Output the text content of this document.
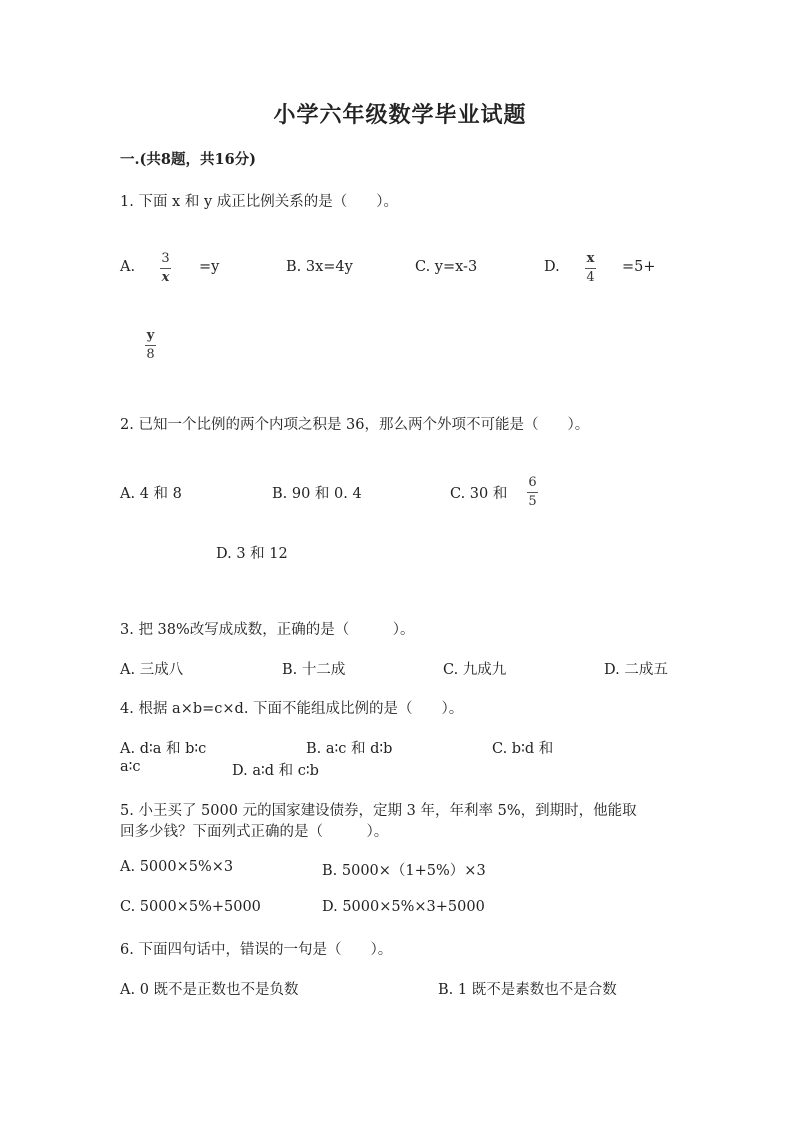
小学六年级数学毕业试题
一.(共8题，共16分)
1. 下面 x 和 y 成正比例关系的是（　　）。
A.
3
x
=y	B. 3x=4y	C. y=x-3	D.
x
4
=5+
y
8
2. 已知一个比例的两个内项之积是 36，那么两个外项不可能是（　　）。
A. 4 和 8	B. 90 和 0. 4	C. 30 和
6
5
D. 3 和 12
3. 把 38%改写成成数，正确的是（　　　）。
A. 三成八	B. 十二成	C. 九成九	D. 二成五
4. 根据 a×b=c×d. 下面不能组成比例的是（　　）。
A. d∶a 和 b∶c	B. a∶c 和 d∶b	C. b∶d 和
a∶c	D. a∶d 和 c∶b
5. 小王买了 5000 元的国家建设债券，定期 3 年，年利率 5%，到期时，他能取
回多少钱？下面列式正确的是（　　　）。
A. 5000×5%×3	B. 5000×（1+5%）×3
C. 5000×5%+5000	D. 5000×5%×3+5000
6. 下面四句话中，错误的一句是（　　）。
A. 0 既不是正数也不是负数	B. 1 既不是素数也不是合数
